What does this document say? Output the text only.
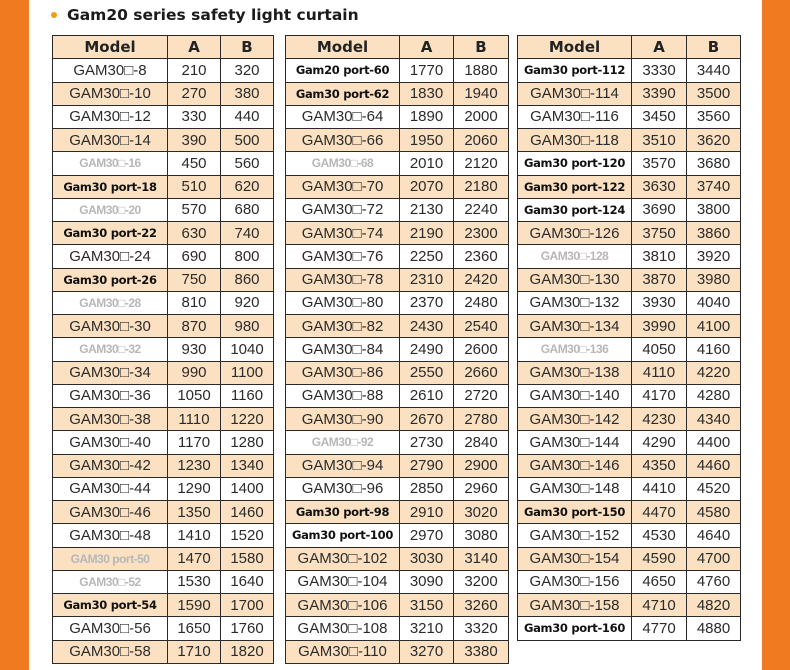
Gam20 series safety light curtain
Model	A	B
GAM30□-8	210	320
GAM30□-10	270	380
GAM30□-12	330	440
GAM30□-14	390	500
GAM30□-16	450	560
Gam30 port-18	510	620
GAM30□-20	570	680
Gam30 port-22	630	740
GAM30□-24	690	800
Gam30 port-26	750	860
GAM30□-28	810	920
GAM30□-30	870	980
GAM30□-32	930	1040
GAM30□-34	990	1100
GAM30□-36	1050	1160
GAM30□-38	1110	1220
GAM30□-40	1170	1280
GAM30□-42	1230	1340
GAM30□-44	1290	1400
GAM30□-46	1350	1460
GAM30□-48	1410	1520
GAM30 port-50	1470	1580
GAM30□-52	1530	1640
Gam30 port-54	1590	1700
GAM30□-56	1650	1760
GAM30□-58	1710	1820
Model	A	B
Gam20 port-60	1770	1880
Gam30 port-62	1830	1940
GAM30□-64	1890	2000
GAM30□-66	1950	2060
GAM30□-68	2010	2120
GAM30□-70	2070	2180
GAM30□-72	2130	2240
GAM30□-74	2190	2300
GAM30□-76	2250	2360
GAM30□-78	2310	2420
GAM30□-80	2370	2480
GAM30□-82	2430	2540
GAM30□-84	2490	2600
GAM30□-86	2550	2660
GAM30□-88	2610	2720
GAM30□-90	2670	2780
GAM30□-92	2730	2840
GAM30□-94	2790	2900
GAM30□-96	2850	2960
Gam30 port-98	2910	3020
Gam30 port-100	2970	3080
GAM30□-102	3030	3140
GAM30□-104	3090	3200
GAM30□-106	3150	3260
GAM30□-108	3210	3320
GAM30□-110	3270	3380
Model	A	B
Gam30 port-112	3330	3440
GAM30□-114	3390	3500
GAM30□-116	3450	3560
GAM30□-118	3510	3620
Gam30 port-120	3570	3680
Gam30 port-122	3630	3740
Gam30 port-124	3690	3800
GAM30□-126	3750	3860
GAM30□-128	3810	3920
GAM30□-130	3870	3980
GAM30□-132	3930	4040
GAM30□-134	3990	4100
GAM30□-136	4050	4160
GAM30□-138	4110	4220
GAM30□-140	4170	4280
GAM30□-142	4230	4340
GAM30□-144	4290	4400
GAM30□-146	4350	4460
GAM30□-148	4410	4520
Gam30 port-150	4470	4580
GAM30□-152	4530	4640
GAM30□-154	4590	4700
GAM30□-156	4650	4760
GAM30□-158	4710	4820
Gam30 port-160	4770	4880
